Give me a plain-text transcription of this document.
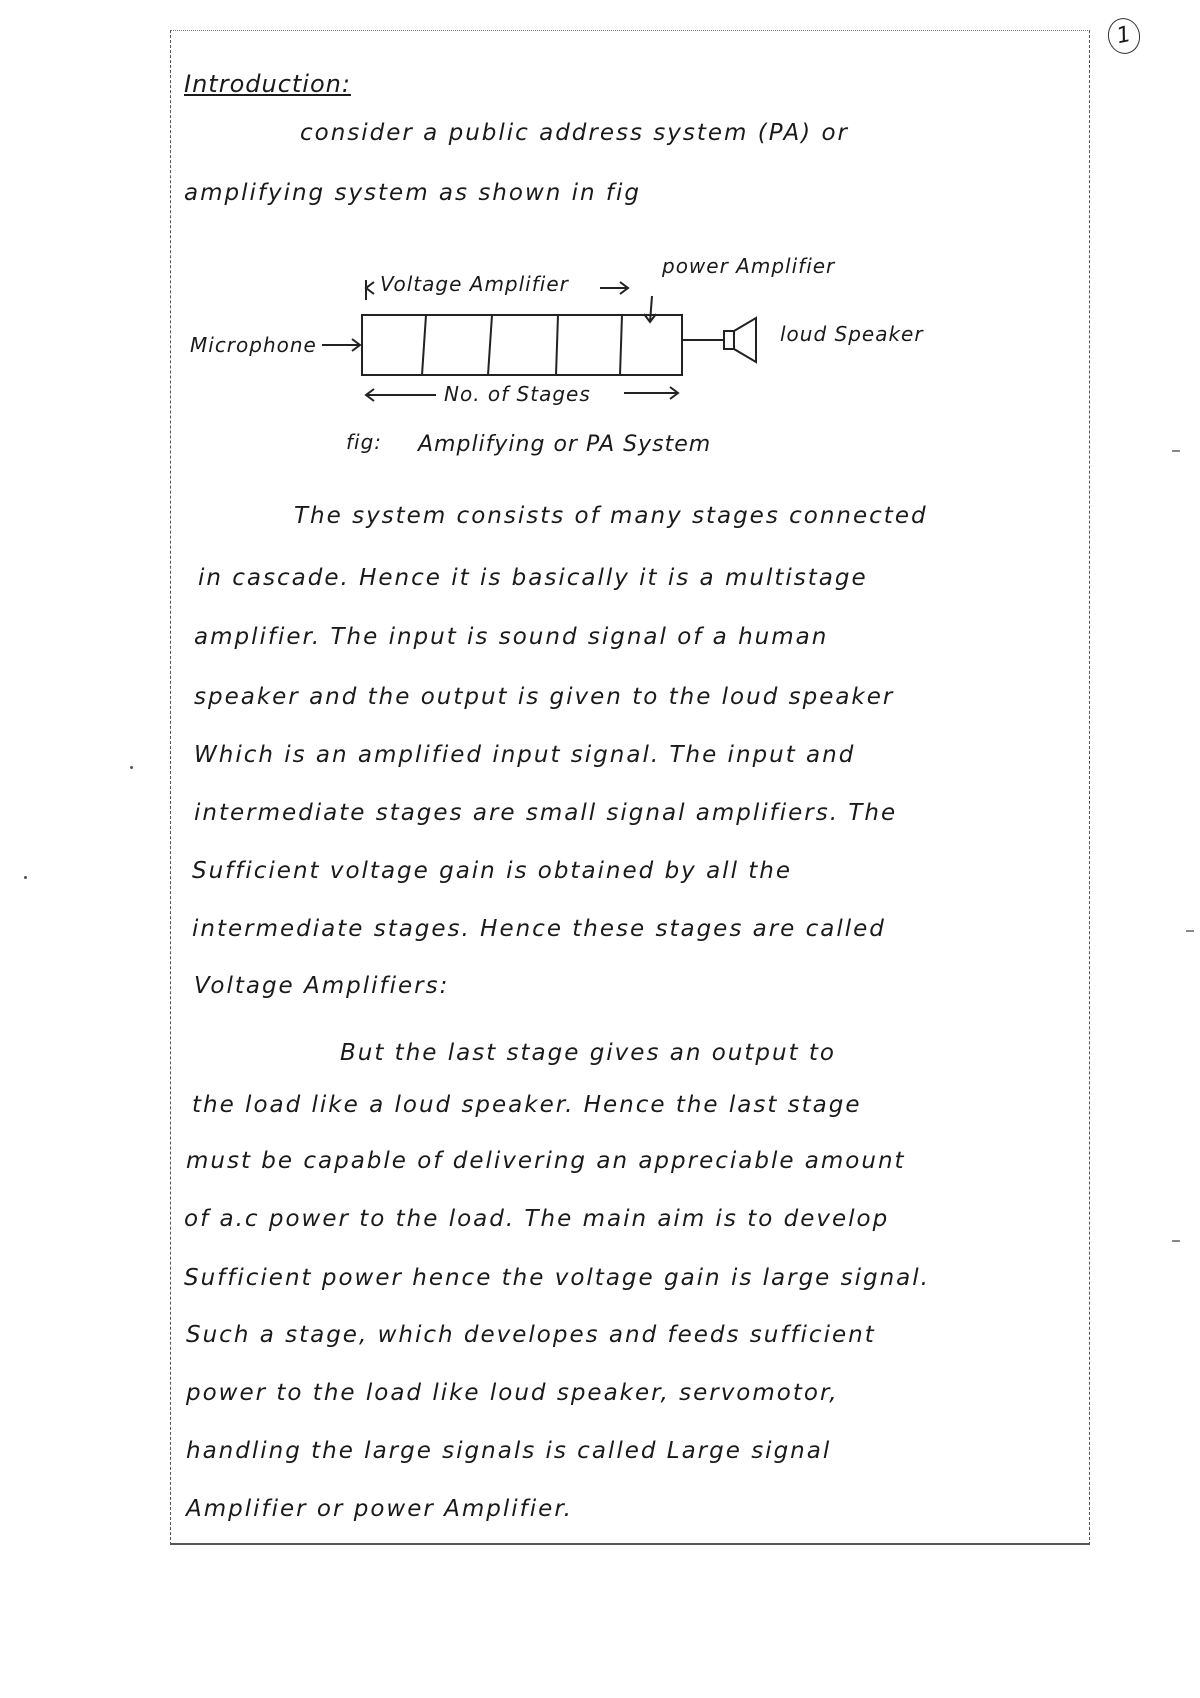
1
Introduction:
consider a public address system (PA) or
amplifying system as shown in fig
Voltage Amplifier
power Amplifier
Microphone	loud Speaker
No. of Stages
fig: Amplifying or PA System
The system consists of many stages connected
in cascade. Hence it is basically it is a multistage
amplifier. The input is sound signal of a human
speaker and the output is given to the loud speaker
Which is an amplified input signal. The input and
intermediate stages are small signal amplifiers. The
Sufficient voltage gain is obtained by all the
intermediate stages. Hence these stages are called
Voltage Amplifiers:
But the last stage gives an output to
the load like a loud speaker. Hence the last stage
must be capable of delivering an appreciable amount
of a.c power to the load. The main aim is to develop
Sufficient power hence the voltage gain is large signal.
Such a stage, which developes and feeds sufficient
power to the load like loud speaker, servomotor,
handling the large signals is called Large signal
Amplifier or power Amplifier.
